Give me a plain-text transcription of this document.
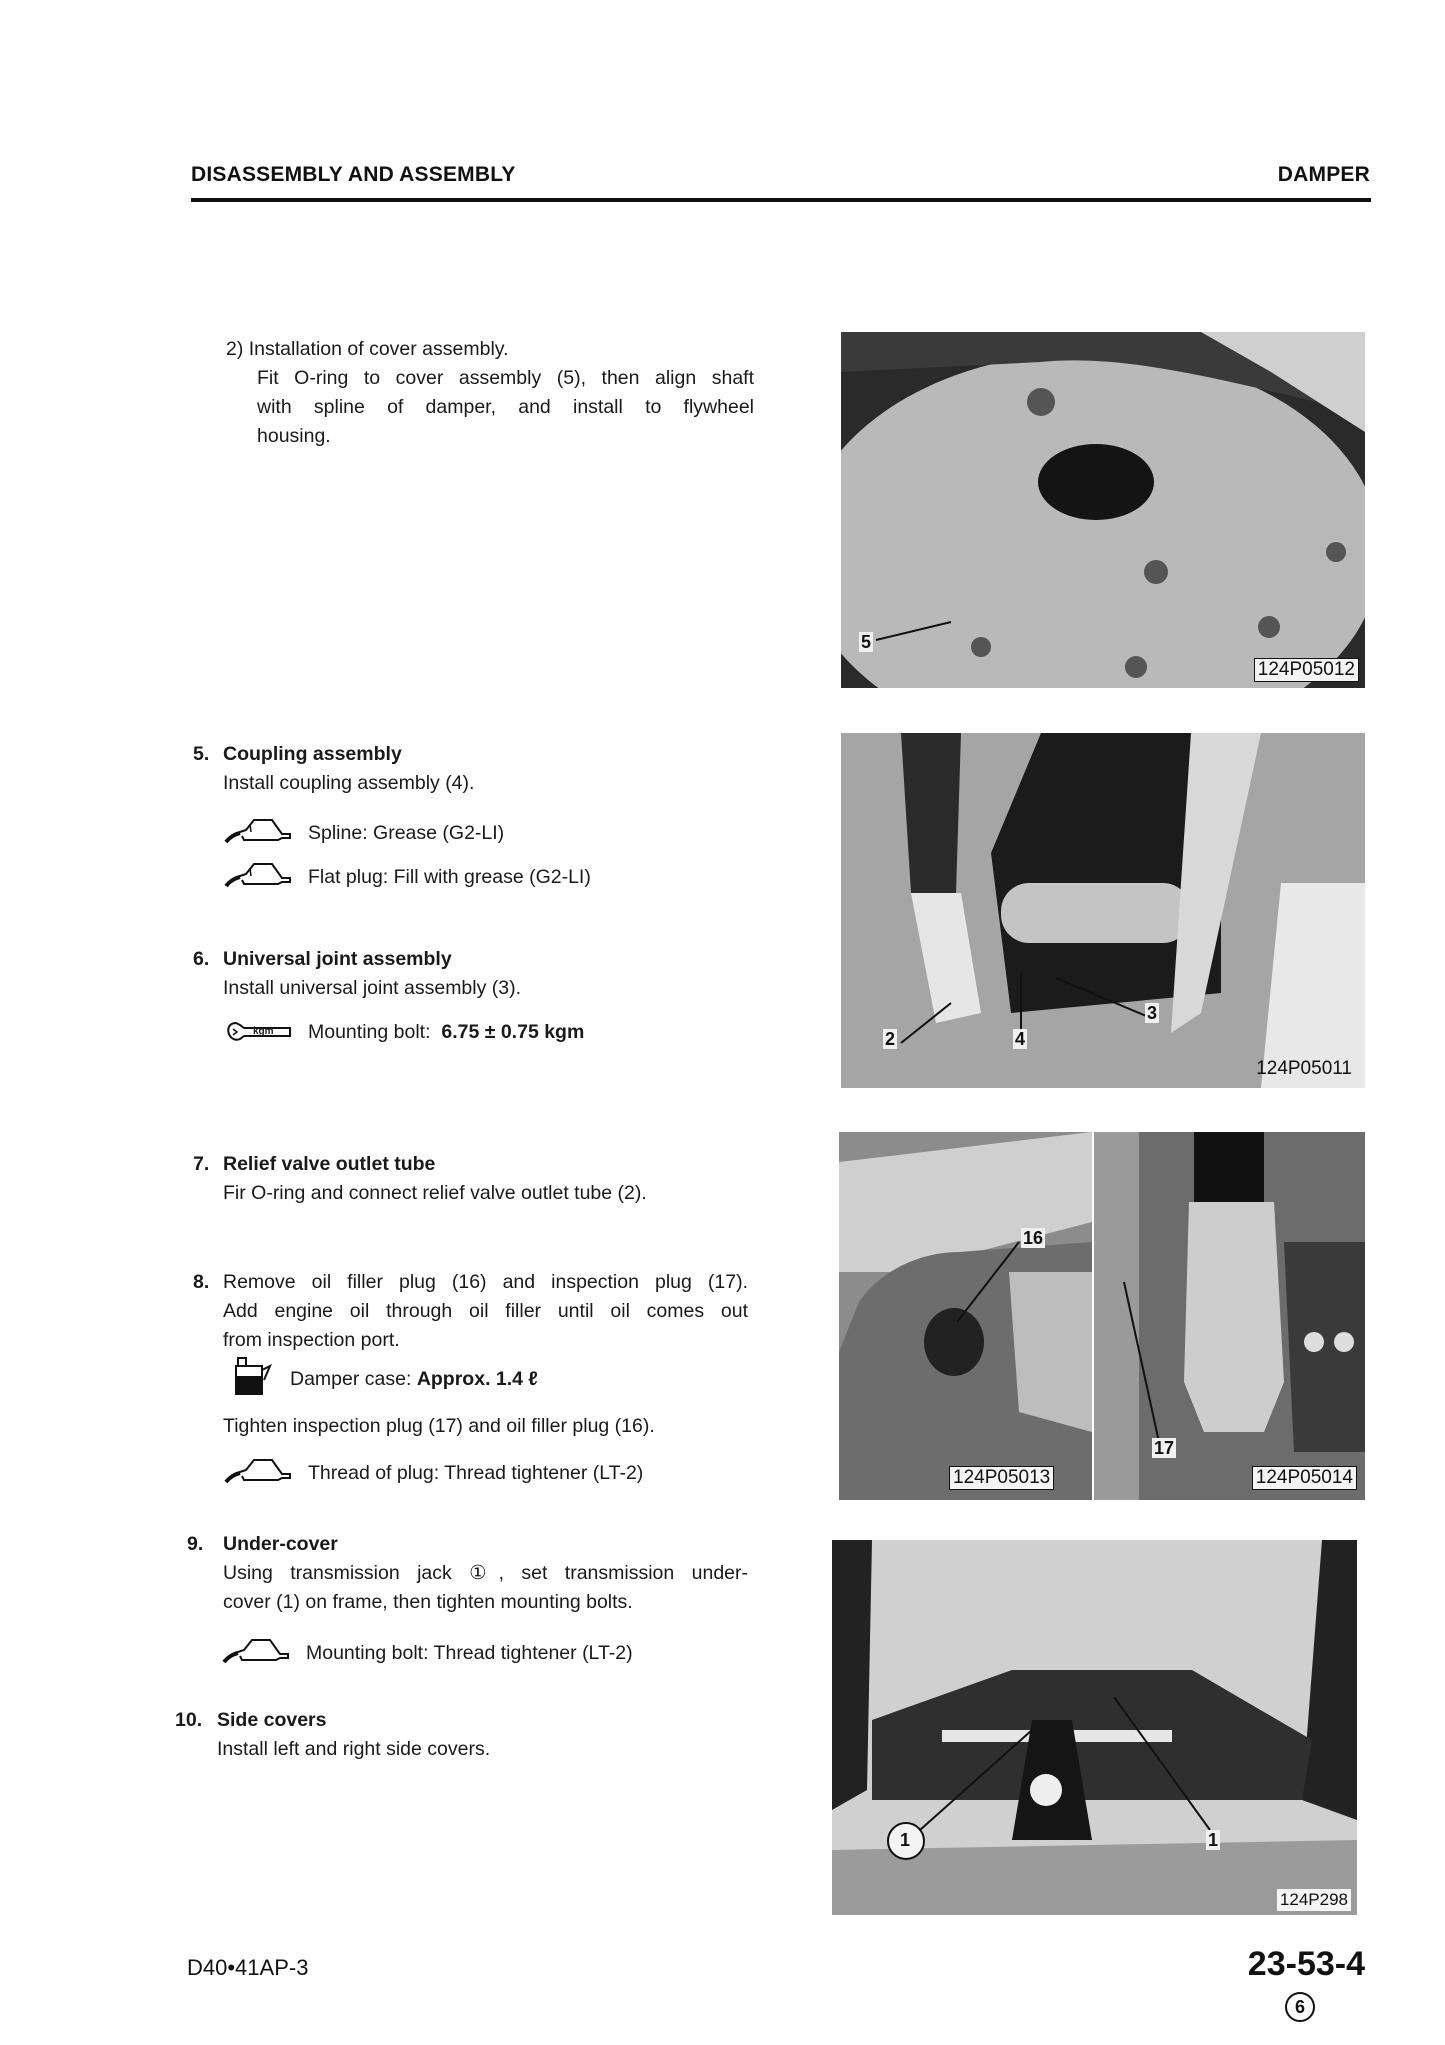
DISASSEMBLY AND ASSEMBLY	DAMPER
2) Installation of cover assembly.
Fit O-ring to cover assembly (5), then align shaft
with spline of damper, and install to flywheel
housing.
5. Coupling assembly
Install coupling assembly (4).
Spline: Grease (G2-LI)
Flat plug: Fill with grease (G2-LI)
6. Universal joint assembly
Install universal joint assembly (3).
kgm Mounting bolt: 6.75 ± 0.75 kgm
7. Relief valve outlet tube
Fir O-ring and connect relief valve outlet tube (2).
8. Remove oil filler plug (16) and inspection plug (17).
Add engine oil through oil filler until oil comes out
from inspection port.
Damper case: Approx. 1.4 ℓ
Tighten inspection plug (17) and oil filler plug (16).
Thread of plug: Thread tightener (LT-2)
9. Under-cover
Using transmission jack ①, set transmission under-
cover (1) on frame, then tighten mounting bolts.
Mounting bolt: Thread tightener (LT-2)
10. Side covers
Install left and right side covers.
5
124P05012
2	4
3
124P05011
16
124P05013
17
124P05014
1	1
124P298
D40•41AP-3	23-53-4
6
